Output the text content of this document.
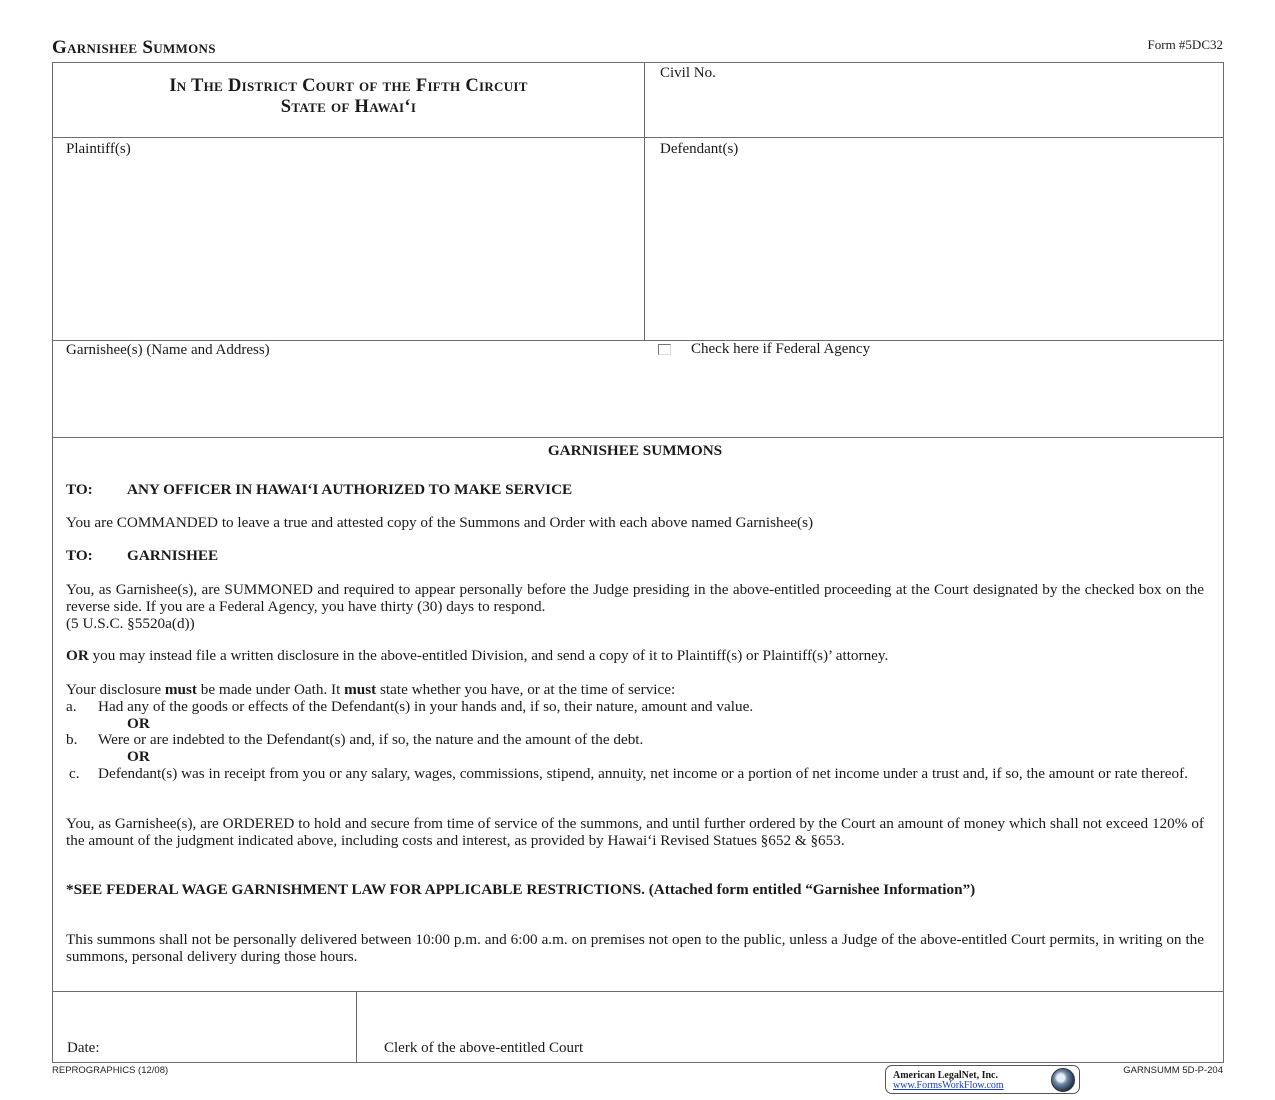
Garnishee Summons	Form #5DC32
In The District Court of the Fifth Circuit
State of Hawai‘i
Civil No.
Plaintiff(s)	Defendant(s)
Garnishee(s) (Name and Address)	Check here if Federal Agency
GARNISHEE SUMMONS
TO: ANY OFFICER IN HAWAI‘I AUTHORIZED TO MAKE SERVICE
You are COMMANDED to leave a true and attested copy of the Summons and Order with each above named Garnishee(s)
TO: GARNISHEE
You, as Garnishee(s), are SUMMONED and required to appear personally before the Judge presiding in the above-entitled proceeding at the Court designated by the checked box on the reverse side. If you are a Federal Agency, you have thirty (30) days to respond.
(5 U.S.C. §5520a(d))
OR you may instead file a written disclosure in the above-entitled Division, and send a copy of it to Plaintiff(s) or Plaintiff(s)’ attorney.
Your disclosure must be made under Oath. It must state whether you have, or at the time of service:
a. Had any of the goods or effects of the Defendant(s) in your hands and, if so, their nature, amount and value.
OR
b. Were or are indebted to the Defendant(s) and, if so, the nature and the amount of the debt.
OR
c. Defendant(s) was in receipt from you or any salary, wages, commissions, stipend, annuity, net income or a portion of net income under a trust and, if so, the amount or rate thereof.
You, as Garnishee(s), are ORDERED to hold and secure from time of service of the summons, and until further ordered by the Court an amount of money which shall not exceed 120% of the amount of the judgment indicated above, including costs and interest, as provided by Hawai‘i Revised Statues §652 & §653.
*SEE FEDERAL WAGE GARNISHMENT LAW FOR APPLICABLE RESTRICTIONS. (Attached form entitled “Garnishee Information”)
This summons shall not be personally delivered between 10:00 p.m. and 6:00 a.m. on premises not open to the public, unless a Judge of the above-entitled Court permits, in writing on the summons, personal delivery during those hours.
Date:	Clerk of the above-entitled Court
REPROGRAPHICS (12/08)	GARNSUMM 5D-P-204
American LegalNet, Inc.
www.FormsWorkFlow.com
